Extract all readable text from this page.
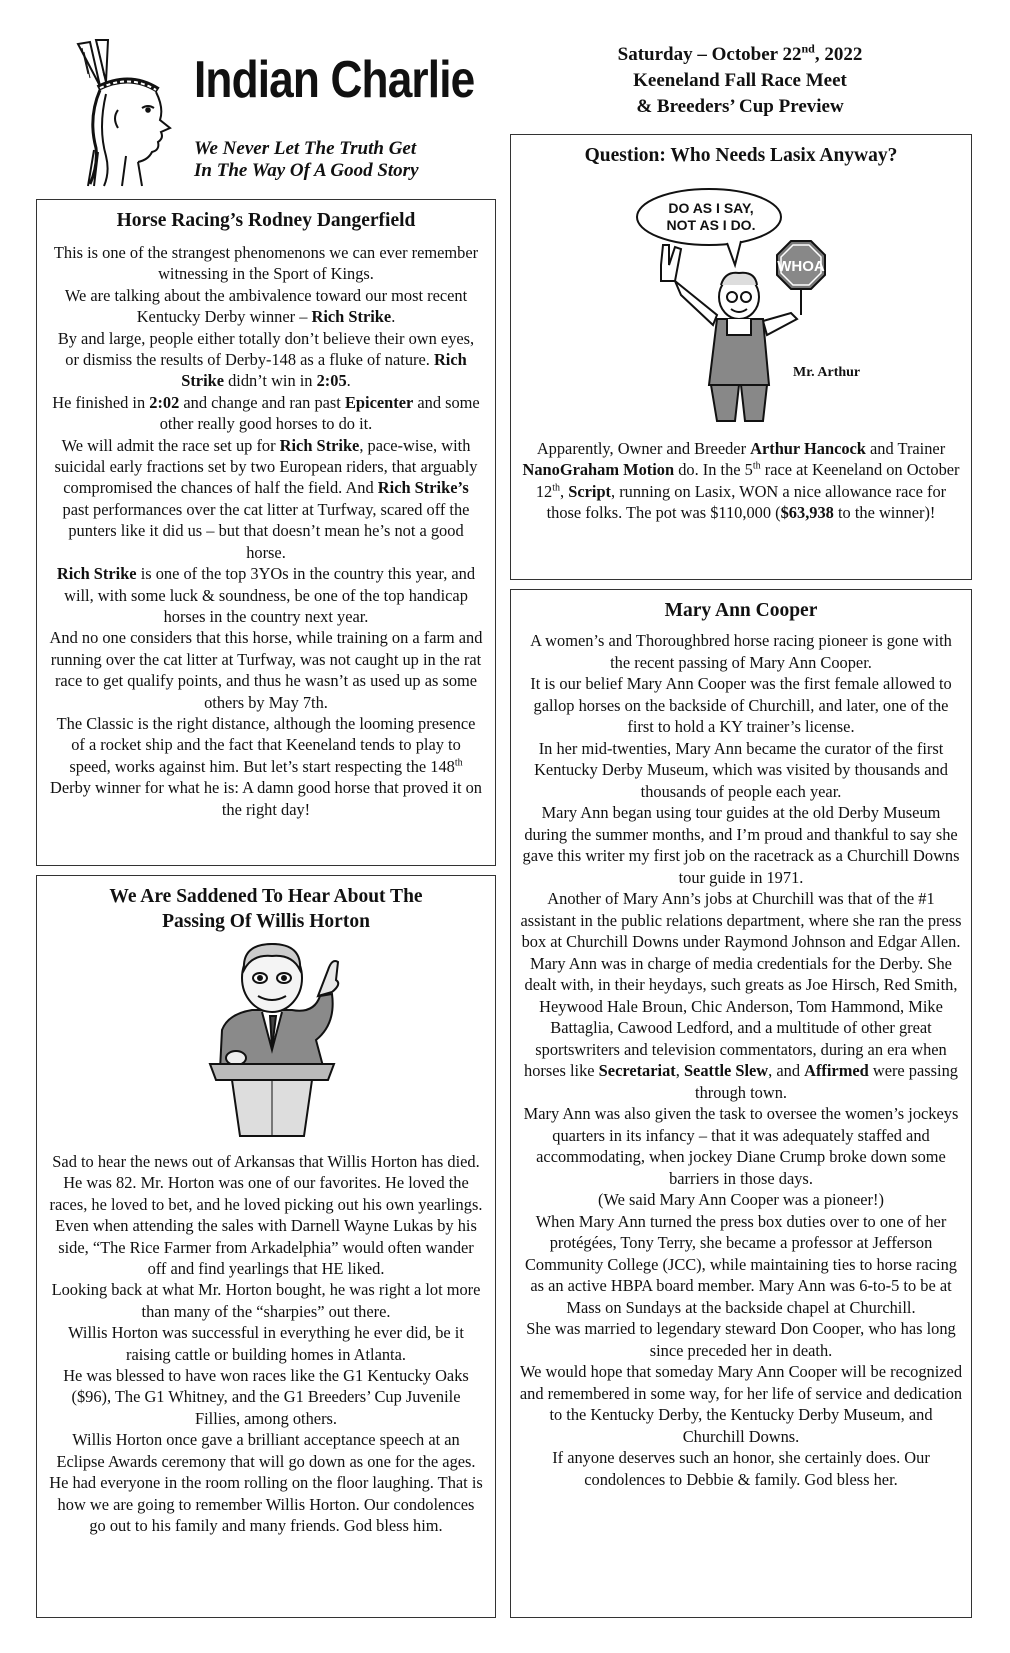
Indian Charlie
We Never Let The Truth Get
In The Way Of A Good Story
Saturday – October 22nd, 2022
Keeneland Fall Race Meet
& Breeders’ Cup Preview
Horse Racing’s Rodney Dangerfield

This is one of the strangest phenomenons we can ever remember witnessing in the Sport of Kings.

We are talking about the ambivalence toward our most recent Kentucky Derby winner – Rich Strike.

By and large, people either totally don’t believe their own eyes, or dismiss the results of Derby-148 as a fluke of nature. Rich Strike didn’t win in 2:05.

He finished in 2:02 and change and ran past Epicenter and some other really good horses to do it.

We will admit the race set up for Rich Strike, pace-wise, with suicidal early fractions set by two European riders, that arguably compromised the chances of half the field. And Rich Strike’s past performances over the cat litter at Turfway, scared off the punters like it did us – but that doesn’t mean he’s not a good horse.

Rich Strike is one of the top 3YOs in the country this year, and will, with some luck & soundness, be one of the top handicap horses in the country next year.

And no one considers that this horse, while training on a farm and running over the cat litter at Turfway, was not caught up in the rat race to get qualify points, and thus he wasn’t as used up as some others by May 7th.

The Classic is the right distance, although the looming presence of a rocket ship and the fact that Keeneland tends to play to speed, works against him. But let’s start respecting the 148th Derby winner for what he is: A damn good horse that proved it on the right day!

We Are Saddened To Hear About The
Passing Of Willis Horton

Sad to hear the news out of Arkansas that Willis Horton has died. He was 82. Mr. Horton was one of our favorites. He loved the races, he loved to bet, and he loved picking out his own yearlings. Even when attending the sales with Darnell Wayne Lukas by his side, “The Rice Farmer from Arkadelphia” would often wander off and find yearlings that HE liked.

Looking back at what Mr. Horton bought, he was right a lot more than many of the “sharpies” out there.

Willis Horton was successful in everything he ever did, be it raising cattle or building homes in Atlanta.

He was blessed to have won races like the G1 Kentucky Oaks ($96), The G1 Whitney, and the G1 Breeders’ Cup Juvenile Fillies, among others.

Willis Horton once gave a brilliant acceptance speech at an Eclipse Awards ceremony that will go down as one for the ages. He had everyone in the room rolling on the floor laughing. That is how we are going to remember Willis Horton. Our condolences go out to his family and many friends. God bless him.

Question: Who Needs Lasix Anyway?
DO AS I SAY,
NOT AS I DO.
WHOA
Mr. Arthur

Apparently, Owner and Breeder Arthur Hancock and Trainer NanoGraham Motion do. In the 5th race at Keeneland on October 12th, Script, running on Lasix, WON a nice allowance race for those folks. The pot was $110,000 ($63,938 to the winner)!

Mary Ann Cooper

A women’s and Thoroughbred horse racing pioneer is gone with the recent passing of Mary Ann Cooper.

It is our belief Mary Ann Cooper was the first female allowed to gallop horses on the backside of Churchill, and later, one of the first to hold a KY trainer’s license.

In her mid-twenties, Mary Ann became the curator of the first Kentucky Derby Museum, which was visited by thousands and thousands of people each year.

Mary Ann began using tour guides at the old Derby Museum during the summer months, and I’m proud and thankful to say she gave this writer my first job on the racetrack as a Churchill Downs tour guide in 1971.

Another of Mary Ann’s jobs at Churchill was that of the #1 assistant in the public relations department, where she ran the press box at Churchill Downs under Raymond Johnson and Edgar Allen.

Mary Ann was in charge of media credentials for the Derby. She dealt with, in their heydays, such greats as Joe Hirsch, Red Smith, Heywood Hale Broun, Chic Anderson, Tom Hammond, Mike Battaglia, Cawood Ledford, and a multitude of other great sportswriters and television commentators, during an era when horses like Secretariat, Seattle Slew, and Affirmed were passing through town.

Mary Ann was also given the task to oversee the women’s jockeys quarters in its infancy – that it was adequately staffed and accommodating, when jockey Diane Crump broke down some barriers in those days.

(We said Mary Ann Cooper was a pioneer!)

When Mary Ann turned the press box duties over to one of her protégées, Tony Terry, she became a professor at Jefferson Community College (JCC), while maintaining ties to horse racing as an active HBPA board member. Mary Ann was 6-to-5 to be at Mass on Sundays at the backside chapel at Churchill.

She was married to legendary steward Don Cooper, who has long since preceded her in death.

We would hope that someday Mary Ann Cooper will be recognized and remembered in some way, for her life of service and dedication to the Kentucky Derby, the Kentucky Derby Museum, and Churchill Downs.

If anyone deserves such an honor, she certainly does. Our condolences to Debbie & family. God bless her.
